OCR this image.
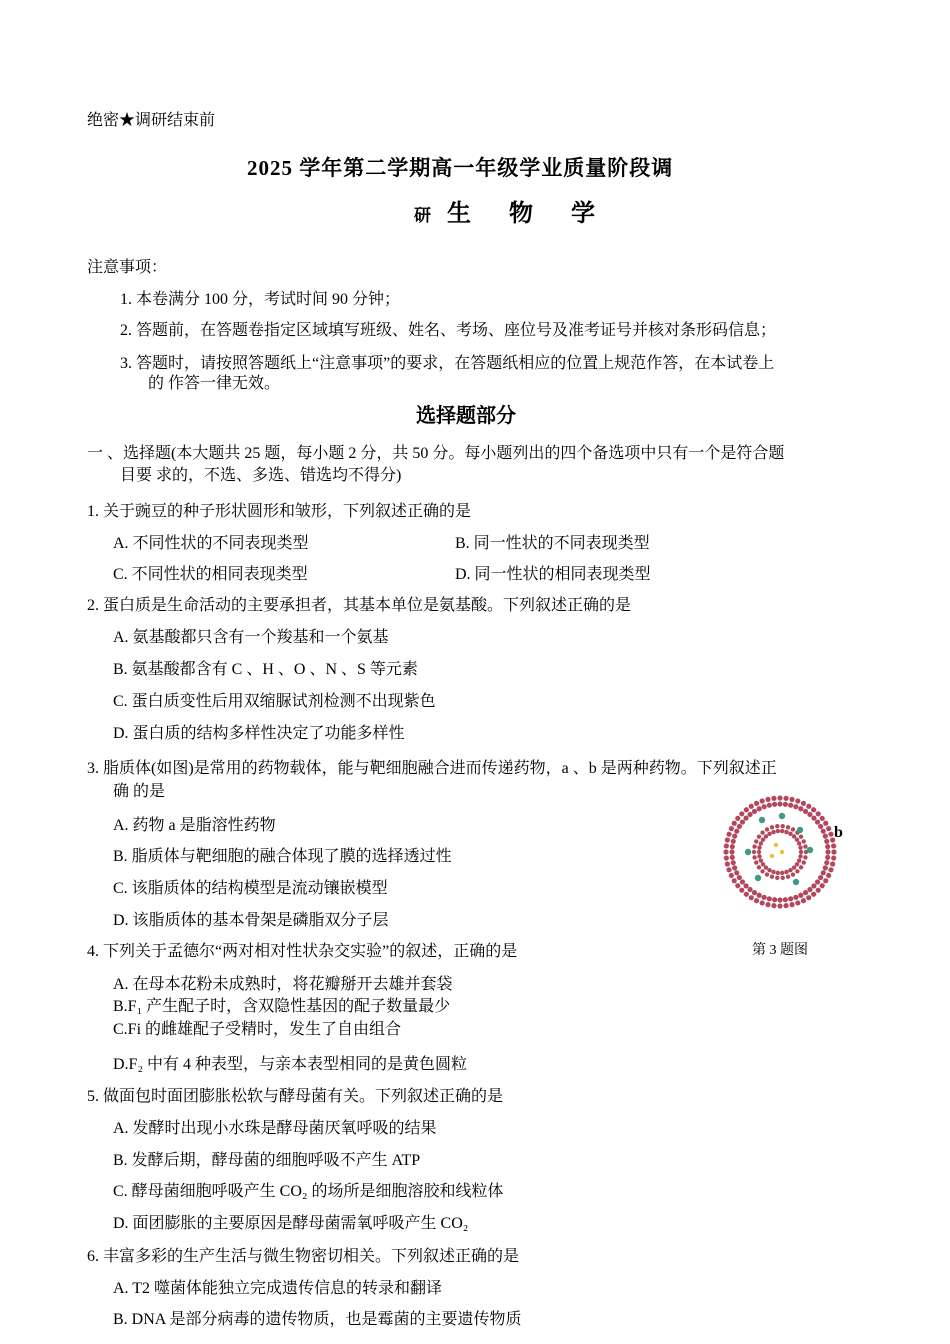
绝密★调研结束前
2025 学年第二学期高一年级学业质量阶段调
研 生 物 学
注意事项：
1. 本卷满分 100 分，考试时间 90 分钟；
2. 答题前，在答题卷指定区域填写班级、姓名、考场、座位号及准考证号并核对条形码信息；
3. 答题时，请按照答题纸上“注意事项”的要求，在答题纸相应的位置上规范作答，在本试卷上
的 作答一律无效。
选择题部分
一 、选择题(本大题共 25 题，每小题 2 分，共 50 分。每小题列出的四个备选项中只有一个是符合题
目要 求的，不选、多选、错选均不得分)
1. 关于豌豆的种子形状圆形和皱形，下列叙述正确的是
A. 不同性状的不同表现类型	B. 同一性状的不同表现类型
C. 不同性状的相同表现类型	D. 同一性状的相同表现类型
2. 蛋白质是生命活动的主要承担者，其基本单位是氨基酸。下列叙述正确的是
A. 氨基酸都只含有一个羧基和一个氨基
B. 氨基酸都含有 C 、H 、O 、N 、S 等元素
C. 蛋白质变性后用双缩脲试剂检测不出现紫色
D. 蛋白质的结构多样性决定了功能多样性
3. 脂质体(如图)是常用的药物载体，能与靶细胞融合进而传递药物，a 、b 是两种药物。下列叙述正
确 的是
A. 药物 a 是脂溶性药物
B. 脂质体与靶细胞的融合体现了膜的选择透过性
C. 该脂质体的结构模型是流动镶嵌模型
D. 该脂质体的基本骨架是磷脂双分子层
b
第 3 题图
4. 下列关于孟德尔“两对相对性状杂交实验”的叙述，正确的是
A. 在母本花粉未成熟时，将花瓣掰开去雄并套袋
B.F₁ 产生配子时，含双隐性基因的配子数量最少
C.Fi 的雌雄配子受精时，发生了自由组合
D.F₂ 中有 4 种表型，与亲本表型相同的是黄色圆粒
5. 做面包时面团膨胀松软与酵母菌有关。下列叙述正确的是
A. 发酵时出现小水珠是酵母菌厌氧呼吸的结果
B. 发酵后期，酵母菌的细胞呼吸不产生 ATP
C. 酵母菌细胞呼吸产生 CO₂ 的场所是细胞溶胶和线粒体
D. 面团膨胀的主要原因是酵母菌需氧呼吸产生 CO₂
6. 丰富多彩的生产生活与微生物密切相关。下列叙述正确的是
A. T2 噬菌体能独立完成遗传信息的转录和翻译
B. DNA 是部分病毒的遗传物质，也是霉菌的主要遗传物质
